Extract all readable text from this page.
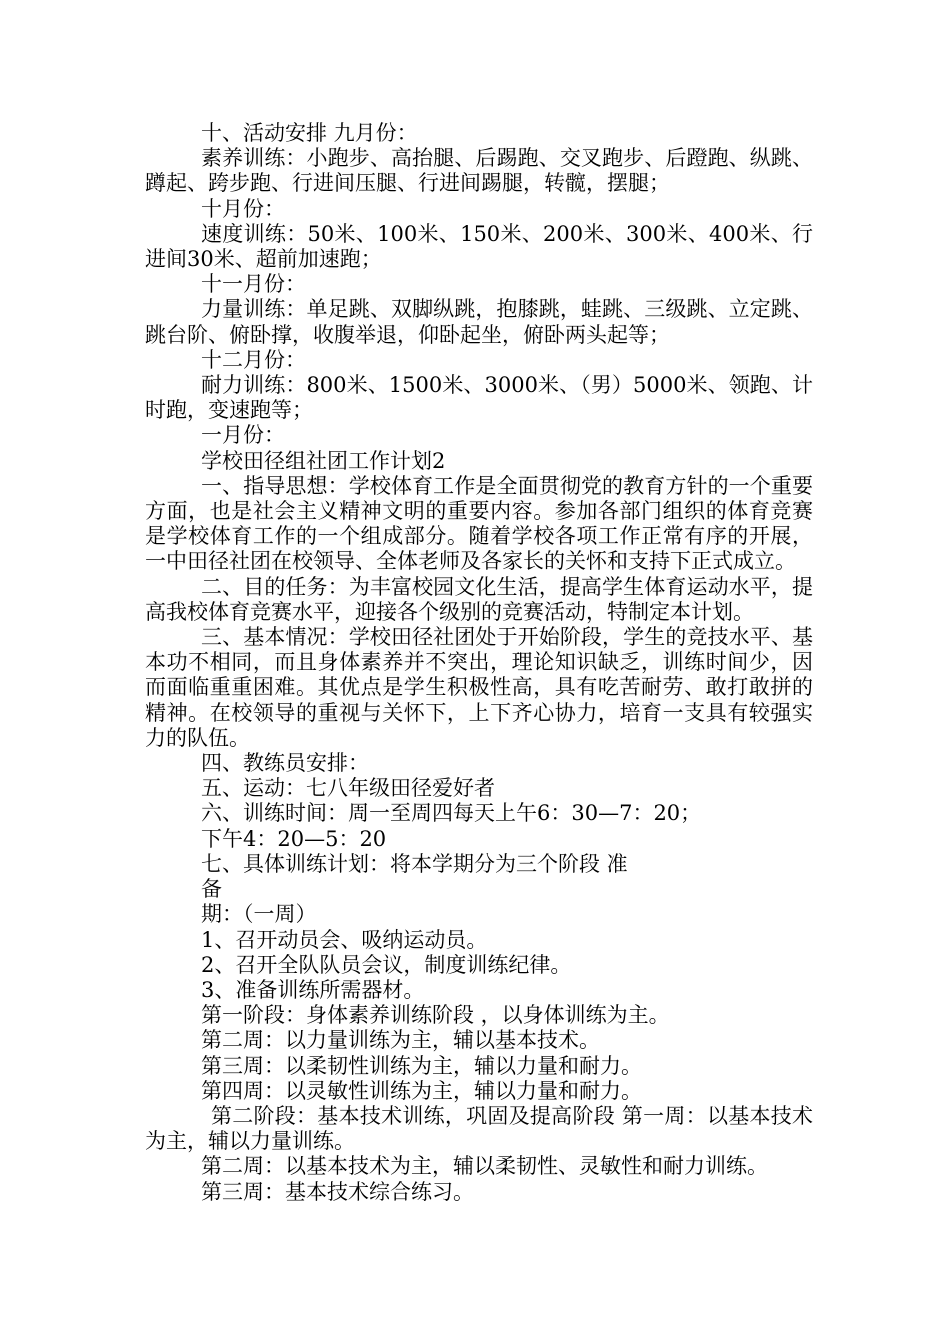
十、活动安排 九月份：

素养训练：小跑步、高抬腿、后踢跑、交叉跑步、后蹬跑、纵跳、蹲起、跨步跑、行进间压腿、行进间踢腿，转髋，摆腿；

十月份：

速度训练：50米、100米、150米、200米、300米、400米、行进间30米、超前加速跑；

十一月份：

力量训练：单足跳、双脚纵跳，抱膝跳，蛙跳、三级跳、立定跳、跳台阶、俯卧撑，收腹举退，仰卧起坐，俯卧两头起等；

十二月份：

耐力训练：800米、1500米、3000米、（男）5000米、领跑、计时跑，变速跑等；

一月份：

学校田径组社团工作计划2

一、指导思想：学校体育工作是全面贯彻党的教育方针的一个重要方面，也是社会主义精神文明的重要内容。参加各部门组织的体育竞赛是学校体育工作的一个组成部分。随着学校各项工作正常有序的开展，一中田径社团在校领导、全体老师及各家长的关怀和支持下正式成立。

二、目的任务：为丰富校园文化生活，提高学生体育运动水平，提高我校体育竞赛水平，迎接各个级别的竞赛活动，特制定本计划。

三、基本情况：学校田径社团处于开始阶段，学生的竞技水平、基本功不相同，而且身体素养并不突出，理论知识缺乏，训练时间少，因而面临重重困难。其优点是学生积极性高，具有吃苦耐劳、敢打敢拼的精神。在校领导的重视与关怀下，上下齐心协力，培育一支具有较强实力的队伍。

四、教练员安排：

五、运动：七八年级田径爱好者

六、训练时间：周一至周四每天上午6：30—7：20；

下午4：20—5：20

七、具体训练计划：将本学期分为三个阶段 准

备

期：（一周）

1、召开动员会、吸纳运动员。

2、召开全队队员会议，制度训练纪律。

3、准备训练所需器材。

第一阶段：身体素养训练阶段 ，以身体训练为主。

第二周：以力量训练为主，辅以基本技术。

第三周：以柔韧性训练为主，辅以力量和耐力。

第四周：以灵敏性训练为主，辅以力量和耐力。

第二阶段：基本技术训练，巩固及提高阶段 第一周：以基本技术为主，辅以力量训练。

第二周：以基本技术为主，辅以柔韧性、灵敏性和耐力训练。

第三周：基本技术综合练习。
